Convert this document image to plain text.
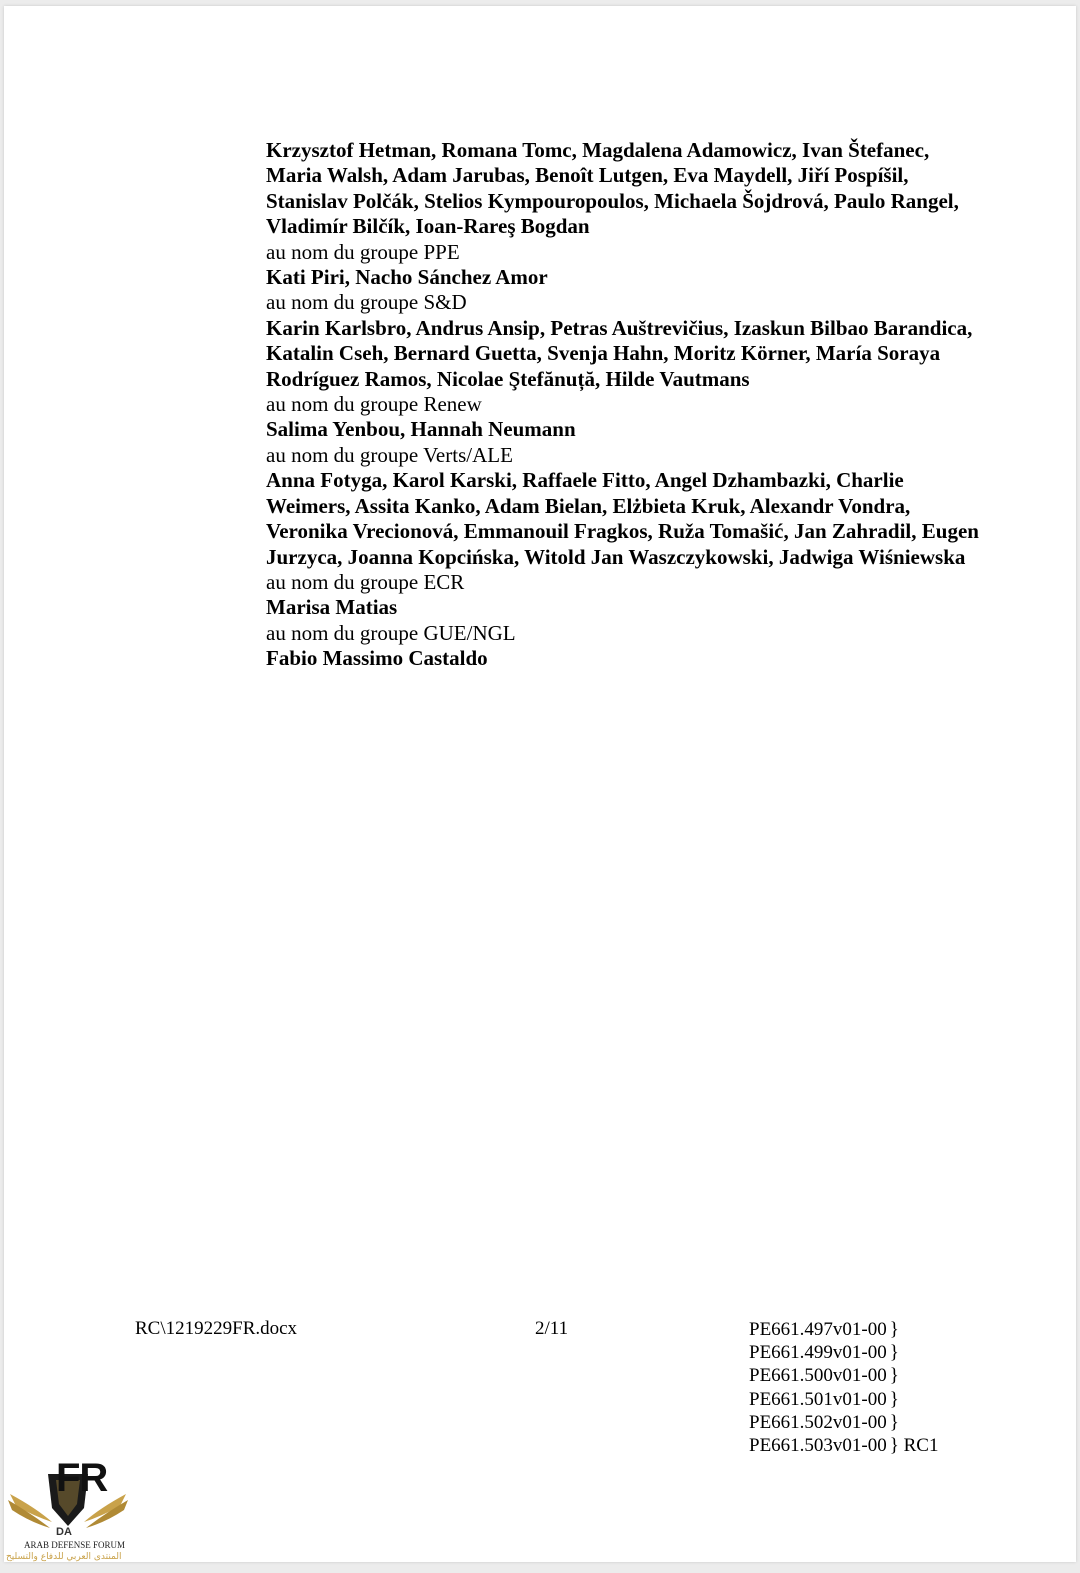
Krzysztof Hetman, Romana Tomc, Magdalena Adamowicz, Ivan Štefanec, Maria Walsh, Adam Jarubas, Benoît Lutgen, Eva Maydell, Jiří Pospíšil, Stanislav Polčák, Stelios Kympouropoulos, Michaela Šojdrová, Paulo Rangel, Vladimír Bilčík, Ioan-Rareş Bogdan

au nom du groupe PPE

Kati Piri, Nacho Sánchez Amor

au nom du groupe S&D

Karin Karlsbro, Andrus Ansip, Petras Auštrevičius, Izaskun Bilbao Barandica, Katalin Cseh, Bernard Guetta, Svenja Hahn, Moritz Körner, María Soraya Rodríguez Ramos, Nicolae Ştefănuță, Hilde Vautmans

au nom du groupe Renew

Salima Yenbou, Hannah Neumann

au nom du groupe Verts/ALE

Anna Fotyga, Karol Karski, Raffaele Fitto, Angel Dzhambazki, Charlie Weimers, Assita Kanko, Adam Bielan, Elżbieta Kruk, Alexandr Vondra, Veronika Vrecionová, Emmanouil Fragkos, Ruža Tomašić, Jan Zahradil, Eugen Jurzyca, Joanna Kopcińska, Witold Jan Waszczykowski, Jadwiga Wiśniewska

au nom du groupe ECR

Marisa Matias

au nom du groupe GUE/NGL

Fabio Massimo Castaldo

RC\1219229FR.docx	2/11	PE661.497v01-00 }
PE661.499v01-00 }
PE661.500v01-00 }
PE661.501v01-00 }
PE661.502v01-00 }
PE661.503v01-00 } RC1
FR
DA
ARAB DEFENSE FORUM
المنتدى العربي للدفاع والتسليح
